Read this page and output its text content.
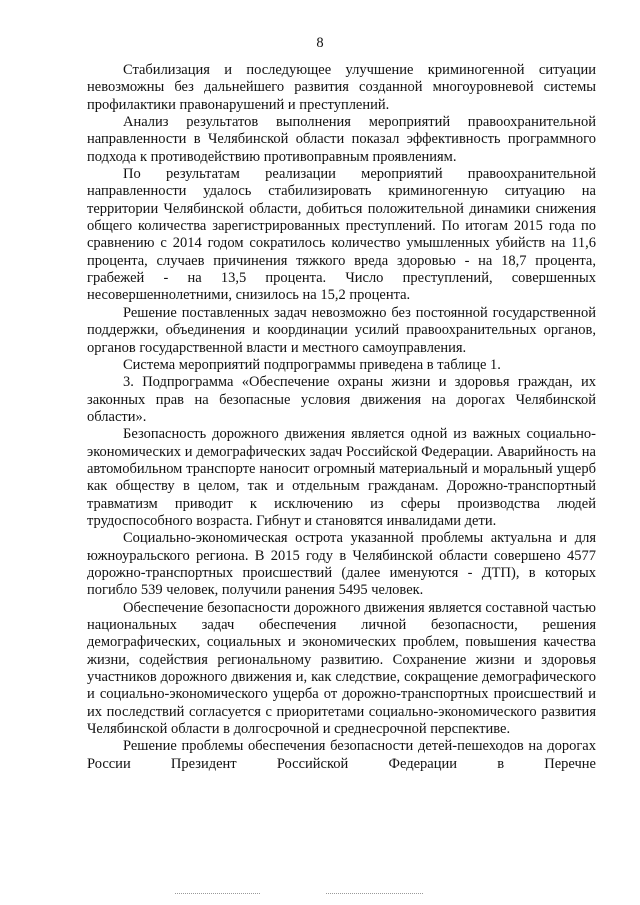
8

Стабилизация и последующее улучшение криминогенной ситуации невозможны без дальнейшего развития созданной многоуровневой системы профилактики правонарушений и преступлений.

Анализ результатов выполнения мероприятий правоохранительной направленности в Челябинской области показал эффективность программного подхода к противодействию противоправным проявлениям.

По результатам реализации мероприятий правоохранительной направленности удалось стабилизировать криминогенную ситуацию на территории Челябинской области, добиться положительной динамики снижения общего количества зарегистрированных преступлений. По итогам 2015 года по сравнению с 2014 годом сократилось количество умышленных убийств на 11,6 процента, случаев причинения тяжкого вреда здоровью - на 18,7 процента, грабежей - на 13,5 процента. Число преступлений, совершенных несовершеннолетними, снизилось на 15,2 процента.

Решение поставленных задач невозможно без постоянной государственной поддержки, объединения и координации усилий правоохранительных органов, органов государственной власти и местного самоуправления.

Система мероприятий подпрограммы приведена в таблице 1.

3. Подпрограмма «Обеспечение охраны жизни и здоровья граждан, их законных прав на безопасные условия движения на дорогах Челябинской области».

Безопасность дорожного движения является одной из важных социально-экономических и демографических задач Российской Федерации. Аварийность на автомобильном транспорте наносит огромный материальный и моральный ущерб как обществу в целом, так и отдельным гражданам. Дорожно-транспортный травматизм приводит к исключению из сферы производства людей трудоспособного возраста. Гибнут и становятся инвалидами дети.

Социально-экономическая острота указанной проблемы актуальна и для южноуральского региона. В 2015 году в Челябинской области совершено 4577 дорожно-транспортных происшествий (далее именуются - ДТП), в которых погибло 539 человек, получили ранения 5495 человек.

Обеспечение безопасности дорожного движения является составной частью национальных задач обеспечения личной безопасности, решения демографических, социальных и экономических проблем, повышения качества жизни, содействия региональному развитию. Сохранение жизни и здоровья участников дорожного движения и, как следствие, сокращение демографического и социально-экономического ущерба от дорожно-транспортных происшествий и их последствий согласуется с приоритетами социально-экономического развития Челябинской области в долгосрочной и среднесрочной перспективе.

Решение проблемы обеспечения безопасности детей-пешеходов на дорогах России Президент Российской Федерации в Перечне
